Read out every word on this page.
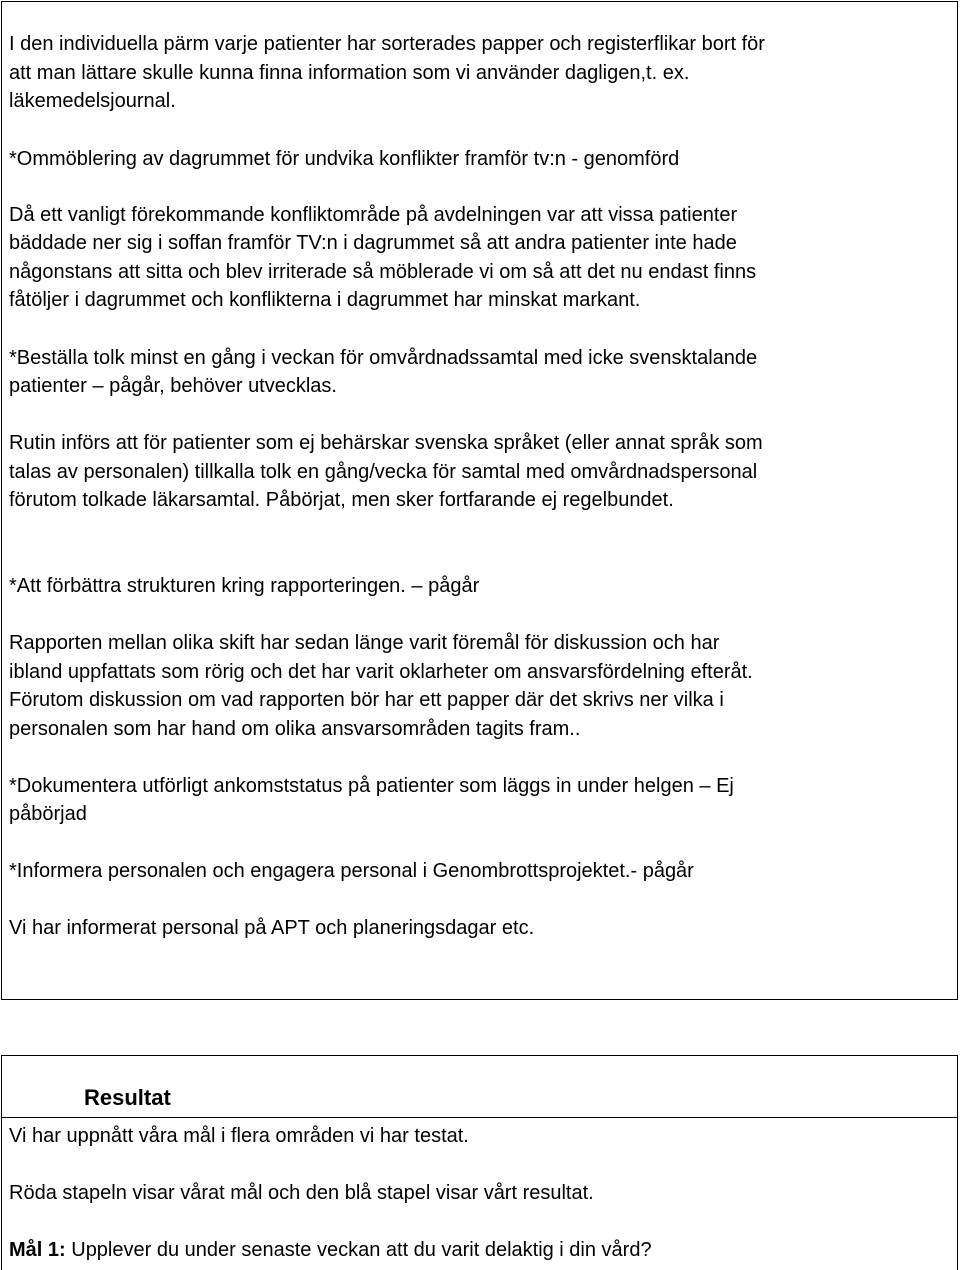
I den individuella pärm varje patienter har sorterades papper och registerflikar bort för

att man lättare skulle kunna finna information som vi använder dagligen,t. ex.

läkemedelsjournal.

*Ommöblering av dagrummet för undvika konflikter framför tv:n - genomförd

Då ett vanligt förekommande konfliktområde på avdelningen var att vissa patienter

bäddade ner sig i soffan framför TV:n i dagrummet så att andra patienter inte hade

någonstans att sitta och blev irriterade så möblerade vi om så att det nu endast finns

fåtöljer i dagrummet och konflikterna i dagrummet har minskat markant.

*Beställa tolk minst en gång i veckan för omvårdnadssamtal med icke svensktalande

patienter – pågår, behöver utvecklas.

Rutin införs att för patienter som ej behärskar svenska språket (eller annat språk som

talas av personalen) tillkalla tolk en gång/vecka för samtal med omvårdnadspersonal

förutom tolkade läkarsamtal. Påbörjat, men sker fortfarande ej regelbundet.

*Att förbättra strukturen kring rapporteringen. – pågår

Rapporten mellan olika skift har sedan länge varit föremål för diskussion och har

ibland uppfattats som rörig och det har varit oklarheter om ansvarsfördelning efteråt.

Förutom diskussion om vad rapporten bör har ett papper där det skrivs ner vilka i

personalen som har hand om olika ansvarsområden tagits fram..

*Dokumentera utförligt ankomststatus på patienter som läggs in under helgen – Ej

påbörjad

*Informera personalen och engagera personal i Genombrottsprojektet.- pågår

Vi har informerat personal på APT och planeringsdagar etc.

Resultat

Vi har uppnått våra mål i flera områden vi har testat.

Röda stapeln visar vårat mål och den blå stapel visar vårt resultat.

Mål 1: Upplever du under senaste veckan att du varit delaktig i din vård?
